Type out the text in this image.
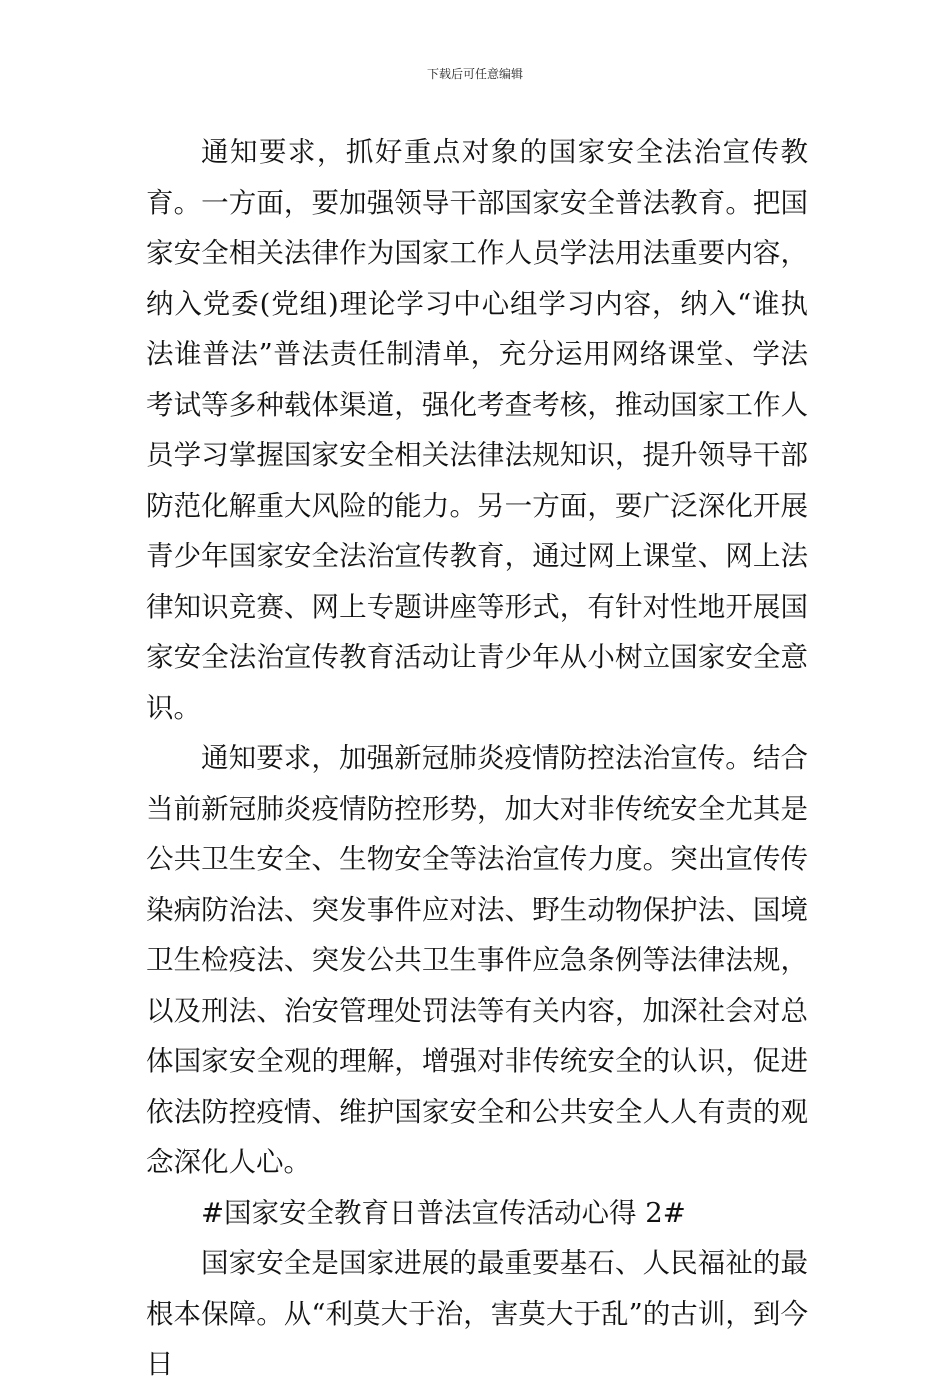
下载后可任意编辑

通知要求，抓好重点对象的国家安全法治宣传教育。一方面，要加强领导干部国家安全普法教育。把国家安全相关法律作为国家工作人员学法用法重要内容，纳入党委(党组)理论学习中心组学习内容，纳入“谁执法谁普法”普法责任制清单，充分运用网络课堂、学法考试等多种载体渠道，强化考查考核，推动国家工作人员学习掌握国家安全相关法律法规知识，提升领导干部防范化解重大风险的能力。另一方面，要广泛深化开展青少年国家安全法治宣传教育，通过网上课堂、网上法律知识竞赛、网上专题讲座等形式，有针对性地开展国家安全法治宣传教育活动让青少年从小树立国家安全意识。

通知要求，加强新冠肺炎疫情防控法治宣传。结合当前新冠肺炎疫情防控形势，加大对非传统安全尤其是公共卫生安全、生物安全等法治宣传力度。突出宣传传染病防治法、突发事件应对法、野生动物保护法、国境卫生检疫法、突发公共卫生事件应急条例等法律法规，以及刑法、治安管理处罚法等有关内容，加深社会对总体国家安全观的理解，增强对非传统安全的认识，促进依法防控疫情、维护国家安全和公共安全人人有责的观念深化人心。

#国家安全教育日普法宣传活动心得 2#

国家安全是国家进展的最重要基石、人民福祉的最根本保障。从“利莫大于治，害莫大于乱”的古训，到今日
